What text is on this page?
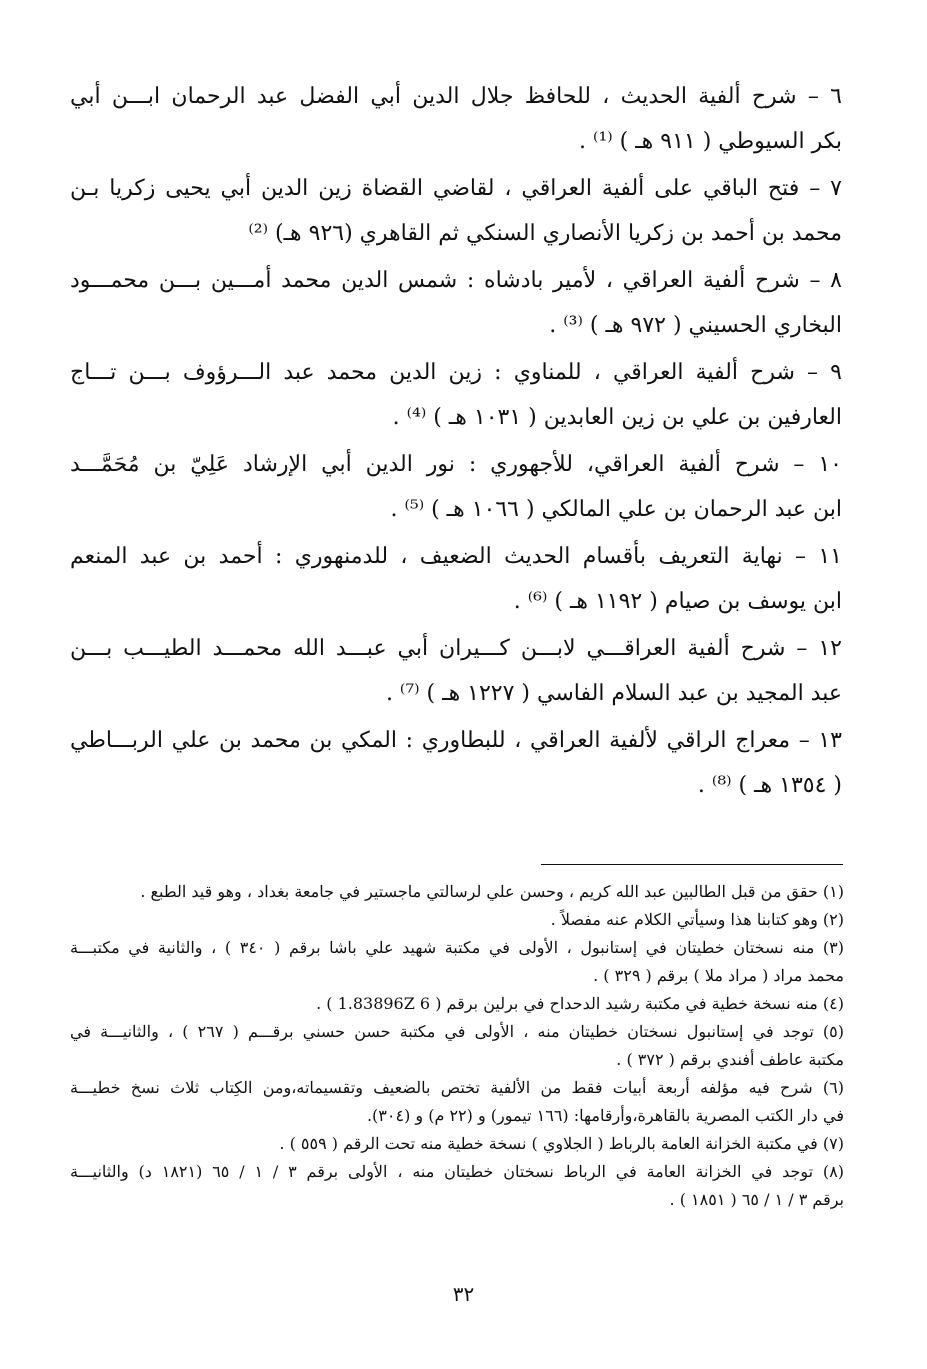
٦ – شرح ألفية الحديث ، للحافظ جلال الدين أبي الفضل عبد الرحمان ابـــن أبي
بكر السيوطي ( ٩١١ هـ ) ⁽¹⁾ .

٧ – فتح الباقي على ألفية العراقي ، لقاضي القضاة زين الدين أبي يحيى زكريا بـن
محمد بن أحمد بن زكريا الأنصاري السنكي ثم القاهري (٩٢٦ هـ) ⁽²⁾

٨ – شرح ألفية العراقي ، لأمير بادشاه : شمس الدين محمد أمـــين بـــن محمـــود
البخاري الحسيني ( ٩٧٢ هـ ) ⁽³⁾ .

٩ – شرح ألفية العراقي ، للمناوي : زين الدين محمد عبد الـــرؤوف بـــن تـــاج
العارفين بن علي بن زين العابدين ( ١٠٣١ هـ ) ⁽⁴⁾ .

١٠ – شرح ألفية العراقي، للأجهوري : نور الدين أبي الإرشاد عَلِيّ بن مُحَمَّـــد
ابن عبد الرحمان بن علي المالكي ( ١٠٦٦ هـ ) ⁽⁵⁾ .

١١ – نهاية التعريف بأقسام الحديث الضعيف ، للدمنهوري : أحمد بن عبد المنعم
ابن يوسف بن صيام ( ١١٩٢ هـ ) ⁽⁶⁾ .

١٢ – شرح ألفية العراقـــي لابـــن كـــيران أبي عبـــد الله محمـــد الطيـــب بـــن
عبد المجيد بن عبد السلام الفاسي ( ١٢٢٧ هـ ) ⁽⁷⁾ .

١٣ – معراج الراقي لألفية العراقي ، للبطاوري : المكي بن محمد بن علي الربـــاطي
( ١٣٥٤ هـ ) ⁽⁸⁾ .

(١) حقق من قبل الطالبين عبد الله كريم ، وحسن علي لرسالتي ماجستير في جامعة بغداد ، وهو قيد الطبع .
(٢) وهو كتابنا هذا وسيأتي الكلام عنه مفصلاً .
(٣) منه نسختان خطيتان في إستانبول ، الأولى في مكتبة شهيد علي باشا برقم ( ٣٤٠ ) ، والثانية في مكتبـــة
محمد مراد ( مراد ملا ) برقم ( ٣٢٩ ) .
(٤) منه نسخة خطية في مكتبة رشيد الدحداح في برلين برقم ( 1.83896Z 6 ) .
(٥) توجد في إستانبول نسختان خطيتان منه ، الأولى في مكتبة حسن حسني برقـــم ( ٢٦٧ ) ، والثانيـــة في
مكتبة عاطف أفندي برقم ( ٣٧٢ ) .
(٦) شرح فيه مؤلفه أربعة أبيات فقط من الألفية تختص بالضعيف وتقسيماته،ومن الكِتاب ثلاث نسخ خطيـــة
في دار الكتب المصرية بالقاهرة،وأرقامها: (١٦٦ تيمور) و (٢٢ م) و (٣٠٤).
(٧) في مكتبة الخزانة العامة بالرباط ( الجلاوي ) نسخة خطية منه تحت الرقم ( ٥٥٩ ) .
(٨) توجد في الخزانة العامة في الرباط نسختان خطيتان منه ، الأولى برقم ٣ / ١ / ٦٥ (١٨٢١ د) والثانيـــة
برقم ٣ / ١ / ٦٥ ( ١٨٥١ ) .
٣٢
